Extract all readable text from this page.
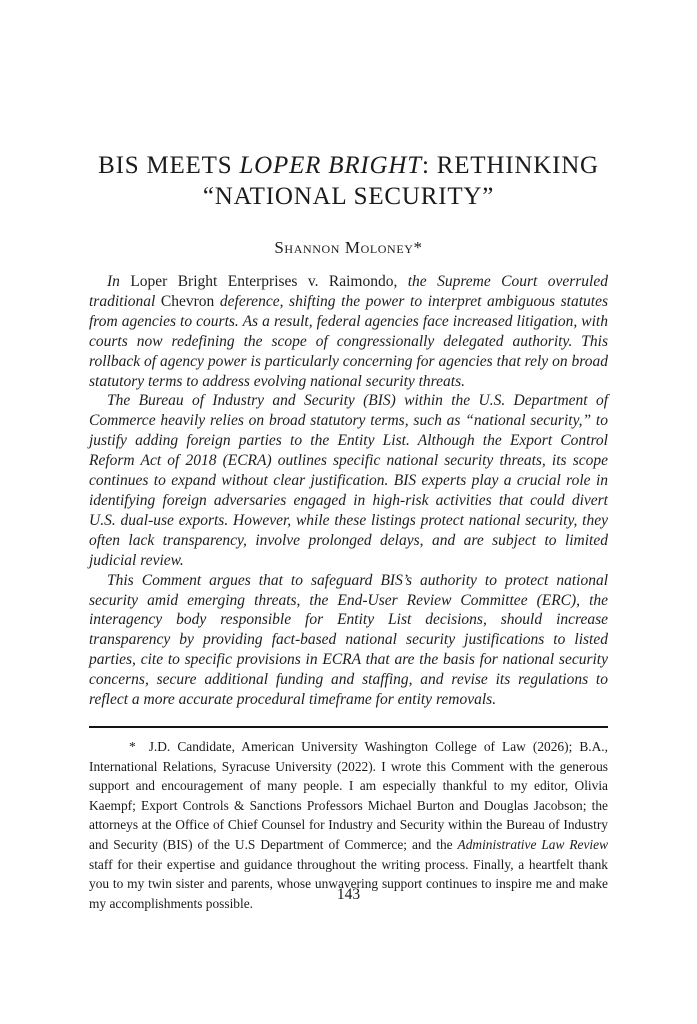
BIS MEETS LOPER BRIGHT: RETHINKING
“NATIONAL SECURITY”
Shannon Moloney*

In Loper Bright Enterprises v. Raimondo, the Supreme Court overruled traditional Chevron deference, shifting the power to interpret ambiguous statutes from agencies to courts. As a result, federal agencies face increased litigation, with courts now redefining the scope of congressionally delegated authority. This rollback of agency power is particularly concerning for agencies that rely on broad statutory terms to address evolving national security threats.

The Bureau of Industry and Security (BIS) within the U.S. Department of Commerce heavily relies on broad statutory terms, such as “national security,” to justify adding foreign parties to the Entity List. Although the Export Control Reform Act of 2018 (ECRA) outlines specific national security threats, its scope continues to expand without clear justification. BIS experts play a crucial role in identifying foreign adversaries engaged in high-risk activities that could divert U.S. dual-use exports. However, while these listings protect national security, they often lack transparency, involve prolonged delays, and are subject to limited judicial review.

This Comment argues that to safeguard BIS’s authority to protect national security amid emerging threats, the End-User Review Committee (ERC), the interagency body responsible for Entity List decisions, should increase transparency by providing fact-based national security justifications to listed parties, cite to specific provisions in ECRA that are the basis for national security concerns, secure additional funding and staffing, and revise its regulations to reflect a more accurate procedural timeframe for entity removals.

* J.D. Candidate, American University Washington College of Law (2026); B.A., International Relations, Syracuse University (2022). I wrote this Comment with the generous support and encouragement of many people. I am especially thankful to my editor, Olivia Kaempf; Export Controls & Sanctions Professors Michael Burton and Douglas Jacobson; the attorneys at the Office of Chief Counsel for Industry and Security within the Bureau of Industry and Security (BIS) of the U.S Department of Commerce; and the Administrative Law Review staff for their expertise and guidance throughout the writing process. Finally, a heartfelt thank you to my twin sister and parents, whose unwavering support continues to inspire me and make my accomplishments possible.
143
